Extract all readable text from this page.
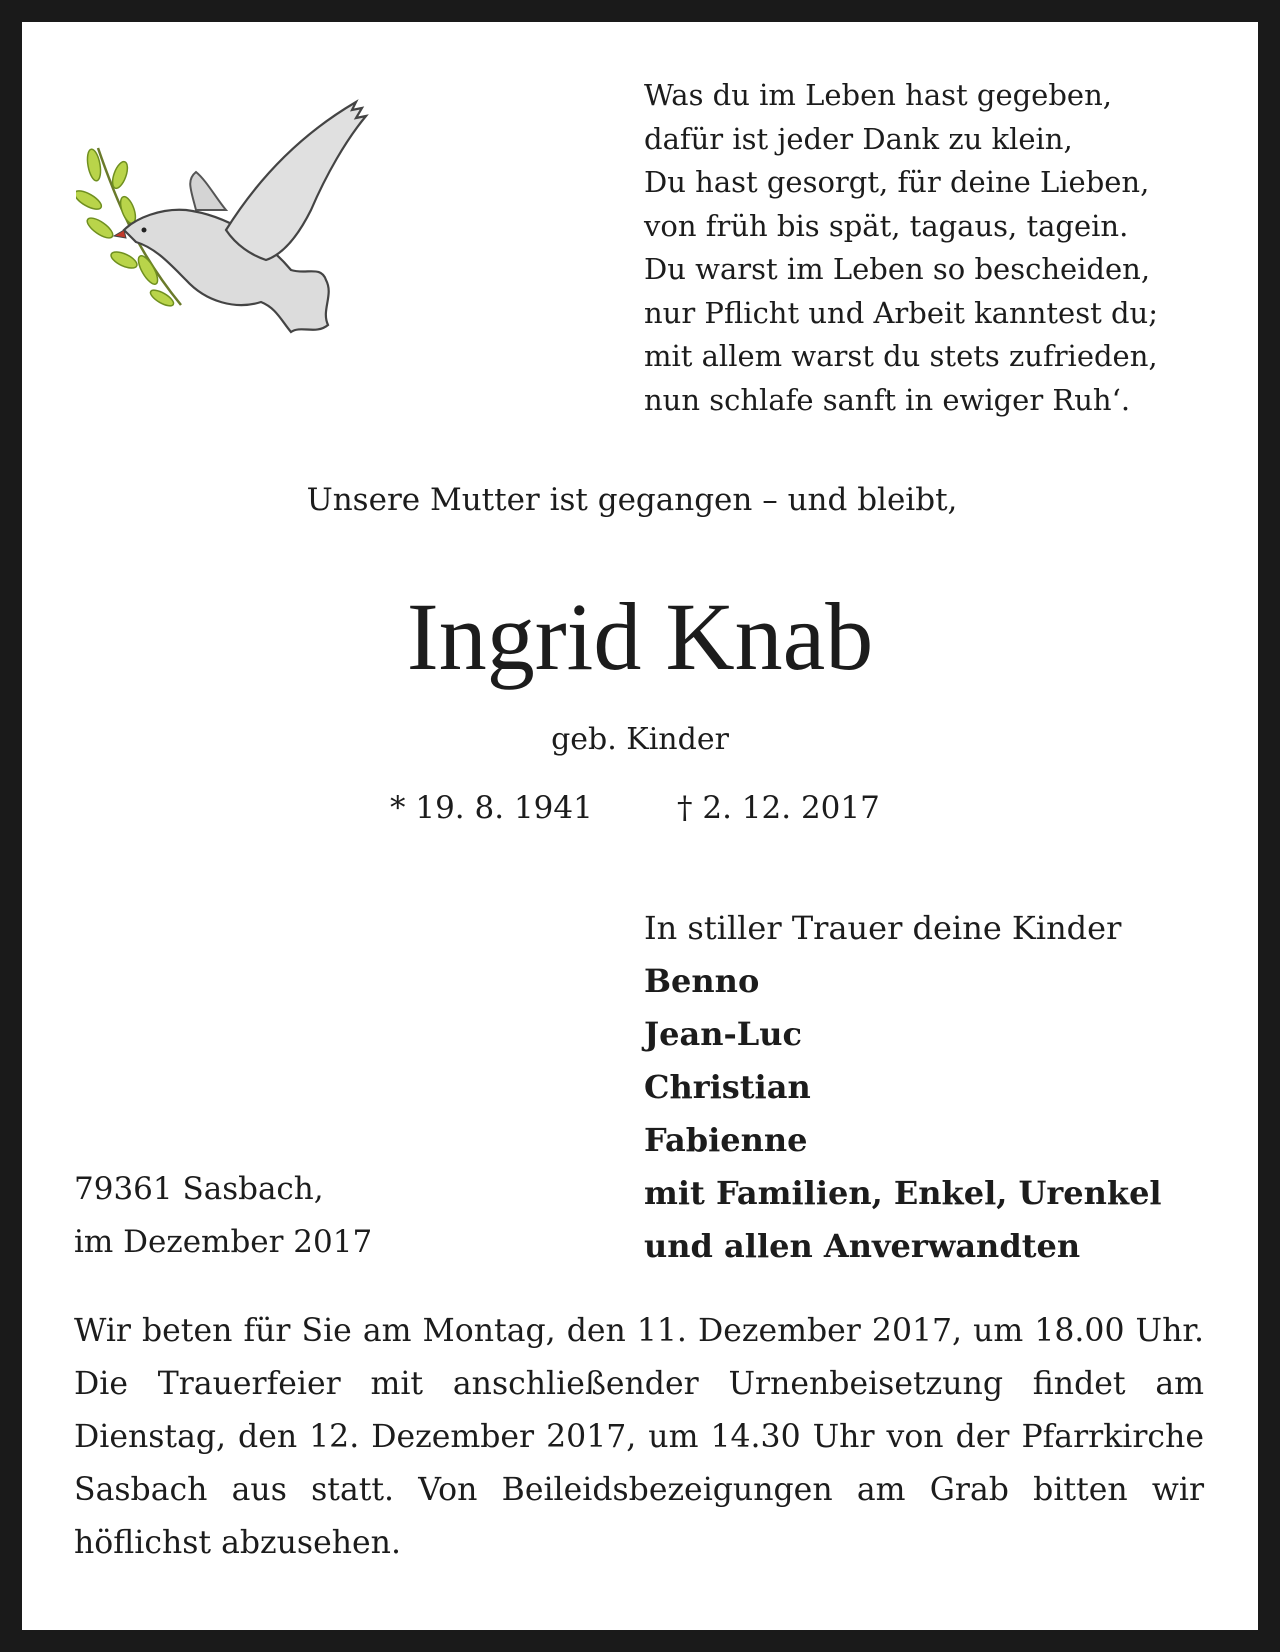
Was du im Leben hast gegeben,
dafür ist jeder Dank zu klein,
Du hast gesorgt, für deine Lieben,
von früh bis spät, tagaus, tagein.
Du warst im Leben so bescheiden,
nur Pflicht und Arbeit kanntest du;
mit allem warst du stets zufrieden,
nun schlafe sanft in ewiger Ruh‘.
Unsere Mutter ist gegangen – und bleibt,
Ingrid Knab
geb. Kinder
* 19. 8. 1941	† 2. 12. 2017
In stiller Trauer deine Kinder
Benno
Jean-Luc
Christian
Fabienne
mit Familien, Enkel, Urenkel
und allen Anverwandten
79361 Sasbach,
im Dezember 2017
Wir beten für Sie am Montag, den 11. Dezember 2017, um 18.00 Uhr. Die Trauerfeier mit anschließender Urnenbeisetzung findet am Dienstag, den 12. Dezember 2017, um 14.30 Uhr von der Pfarrkirche Sasbach aus statt. Von Beileidsbezeigungen am Grab bitten wir höflichst abzusehen.
